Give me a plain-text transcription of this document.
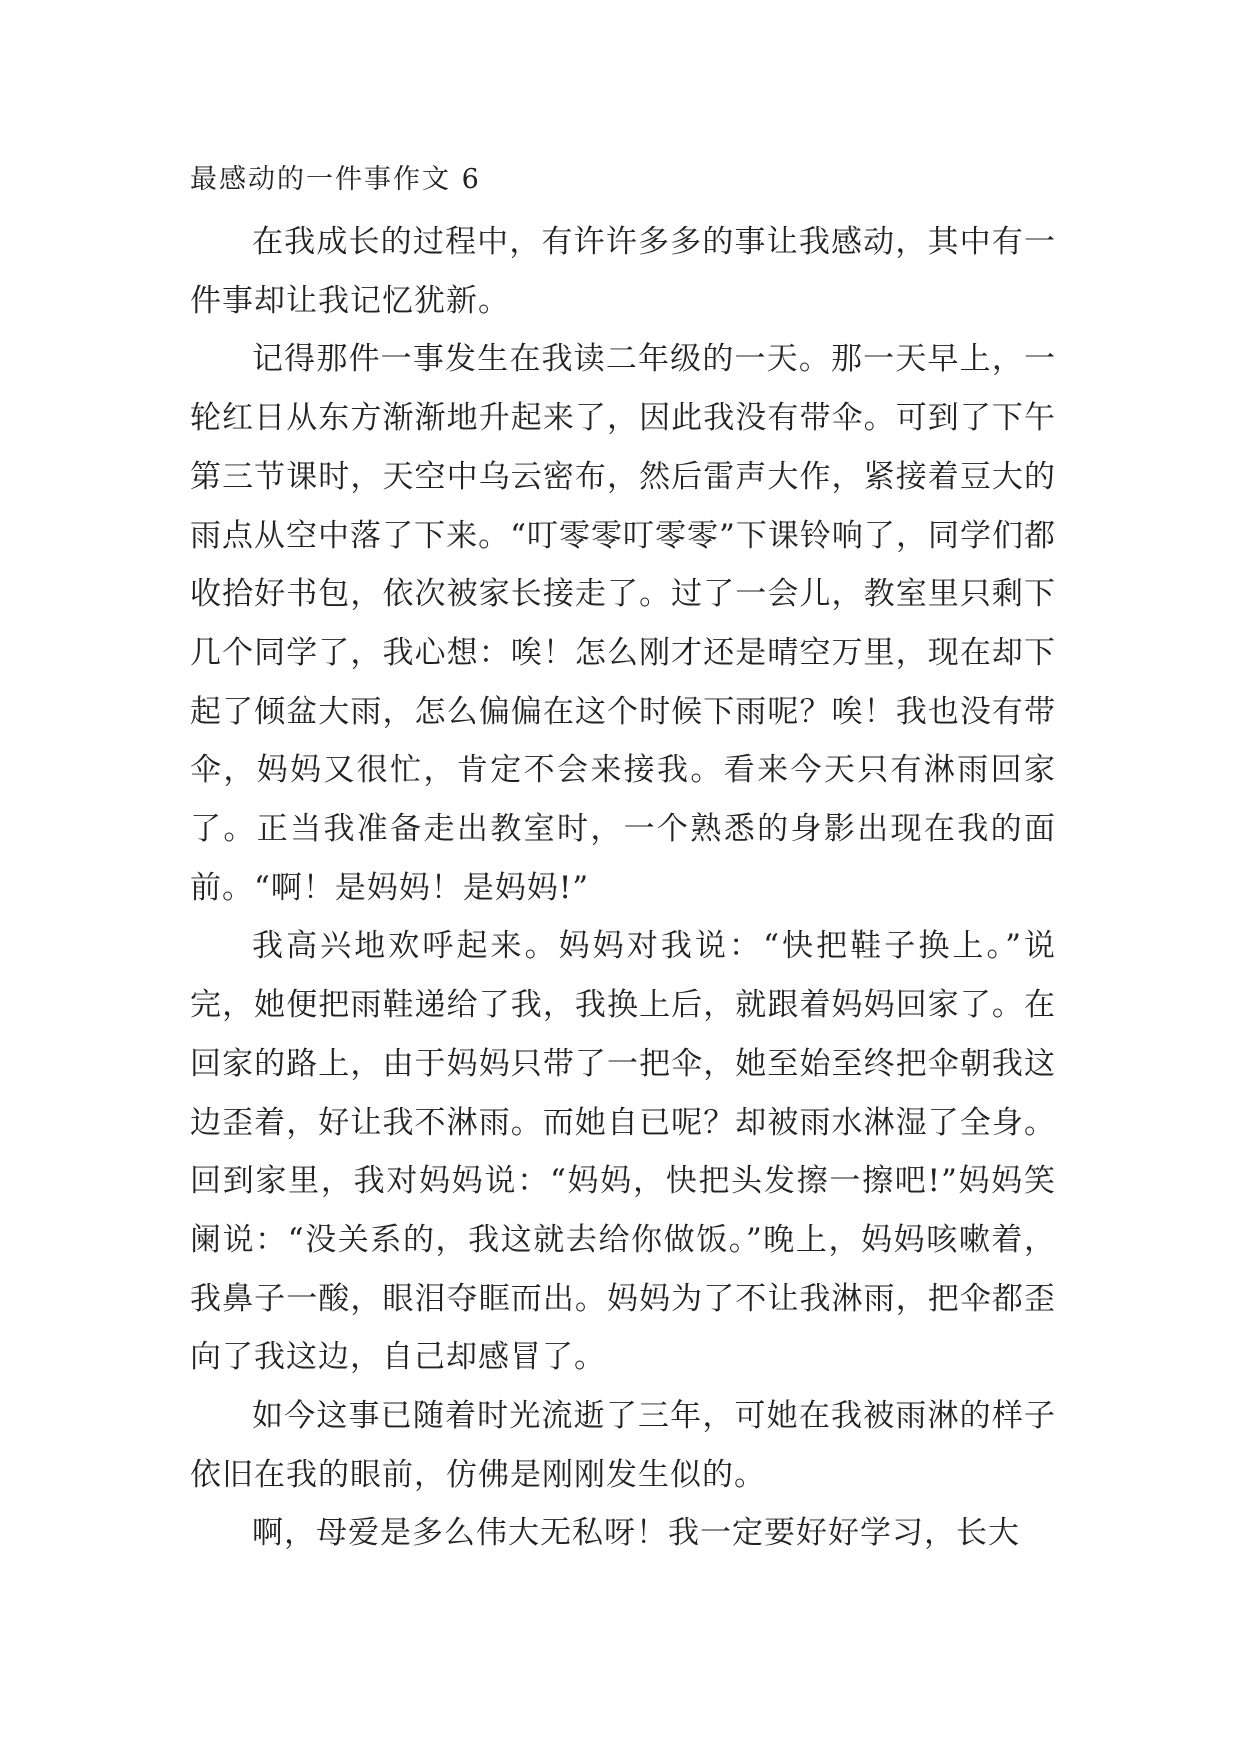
最感动的一件事作文 6

在我成长的过程中，有许许多多的事让我感动，其中有一件事却让我记忆犹新。

记得那件一事发生在我读二年级的一天。那一天早上，一轮红日从东方渐渐地升起来了，因此我没有带伞。可到了下午第三节课时，天空中乌云密布，然后雷声大作，紧接着豆大的雨点从空中落了下来。“叮零零叮零零”下课铃响了，同学们都收拾好书包，依次被家长接走了。过了一会儿，教室里只剩下几个同学了，我心想：唉！怎么刚才还是晴空万里，现在却下起了倾盆大雨，怎么偏偏在这个时候下雨呢？唉！我也没有带伞，妈妈又很忙，肯定不会来接我。看来今天只有淋雨回家了。正当我准备走出教室时，一个熟悉的身影出现在我的面前。“啊！是妈妈！是妈妈!”

我高兴地欢呼起来。妈妈对我说：“快把鞋子换上。”说完，她便把雨鞋递给了我，我换上后，就跟着妈妈回家了。在回家的路上，由于妈妈只带了一把伞，她至始至终把伞朝我这边歪着，好让我不淋雨。而她自已呢？却被雨水淋湿了全身。回到家里，我对妈妈说：“妈妈，快把头发擦一擦吧!”妈妈笑阑说：“没关系的，我这就去给你做饭。”晚上，妈妈咳嗽着，我鼻子一酸，眼泪夺眶而出。妈妈为了不让我淋雨，把伞都歪向了我这边，自己却感冒了。

如今这事已随着时光流逝了三年，可她在我被雨淋的样子依旧在我的眼前，仿佛是刚刚发生似的。

啊，母爱是多么伟大无私呀！我一定要好好学习，长大
